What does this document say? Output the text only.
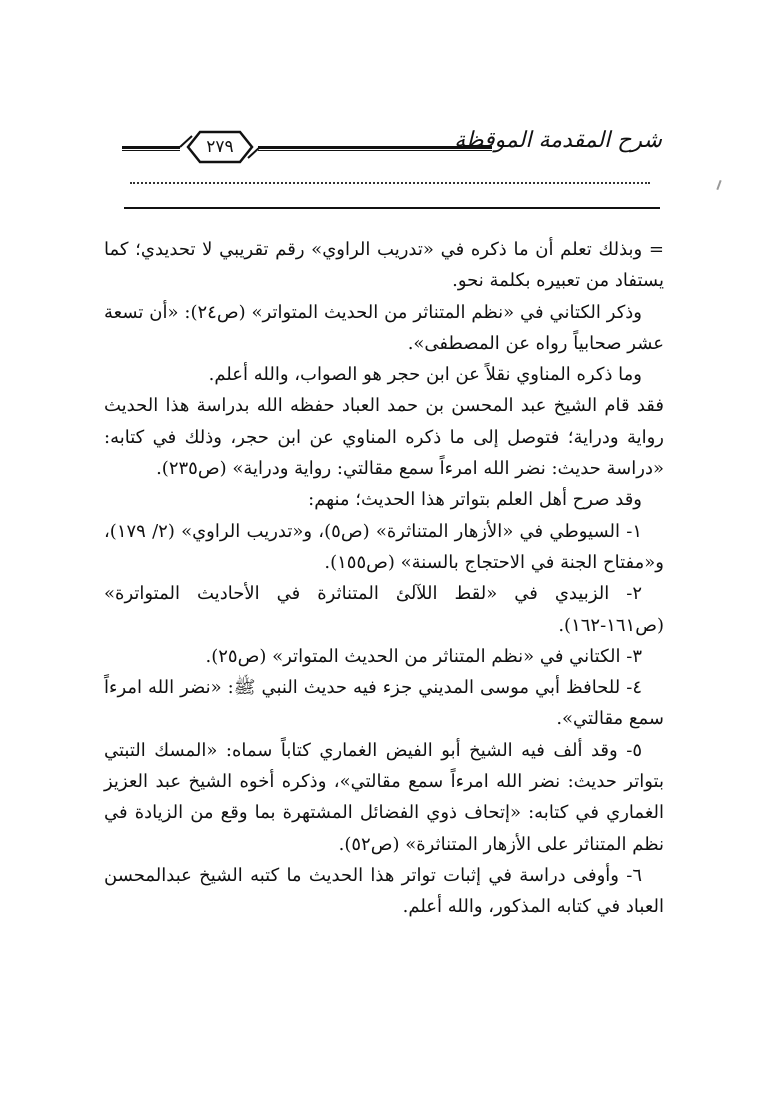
٢٧٩	شرح المقدمة الموقظة

= وبذلك تعلم أن ما ذكره في «تدريب الراوي» رقم تقريبي لا تحديدي؛ كما يستفاد من تعبيره بكلمة نحو.

وذكر الكتاني في «نظم المتناثر من الحديث المتواتر» (ص٢٤): «أن تسعة عشر صحابياً رواه عن المصطفى».

وما ذكره المناوي نقلاً عن ابن حجر هو الصواب، والله أعلم.

فقد قام الشيخ عبد المحسن بن حمد العباد حفظه الله بدراسة هذا الحديث رواية ودراية؛ فتوصل إلى ما ذكره المناوي عن ابن حجر، وذلك في كتابه: «دراسة حديث: نضر الله امرءاً سمع مقالتي: رواية ودراية» (ص٢٣٥).

وقد صرح أهل العلم بتواتر هذا الحديث؛ منهم:

١- السيوطي في «الأزهار المتناثرة» (ص٥)، و«تدريب الراوي» (٢/ ١٧٩)، و«مفتاح الجنة في الاحتجاج بالسنة» (ص١٥٥).

٢- الزبيدي في «لقط اللآلئ المتناثرة في الأحاديث المتواترة» (ص١٦١-١٦٢).

٣- الكتاني في «نظم المتناثر من الحديث المتواتر» (ص٢٥).

٤- للحافظ أبي موسى المديني جزء فيه حديث النبي ﷺ: «نضر الله امرءاً سمع مقالتي».

٥- وقد ألف فيه الشيخ أبو الفيض الغماري كتاباً سماه: «المسك التبتي بتواتر حديث: نضر الله امرءاً سمع مقالتي»، وذكره أخوه الشيخ عبد العزيز الغماري في كتابه: «إتحاف ذوي الفضائل المشتهرة بما وقع من الزيادة في نظم المتناثر على الأزهار المتناثرة» (ص٥٢).

٦- وأوفى دراسة في إثبات تواتر هذا الحديث ما كتبه الشيخ عبدالمحسن العباد في كتابه المذكور، والله أعلم.
